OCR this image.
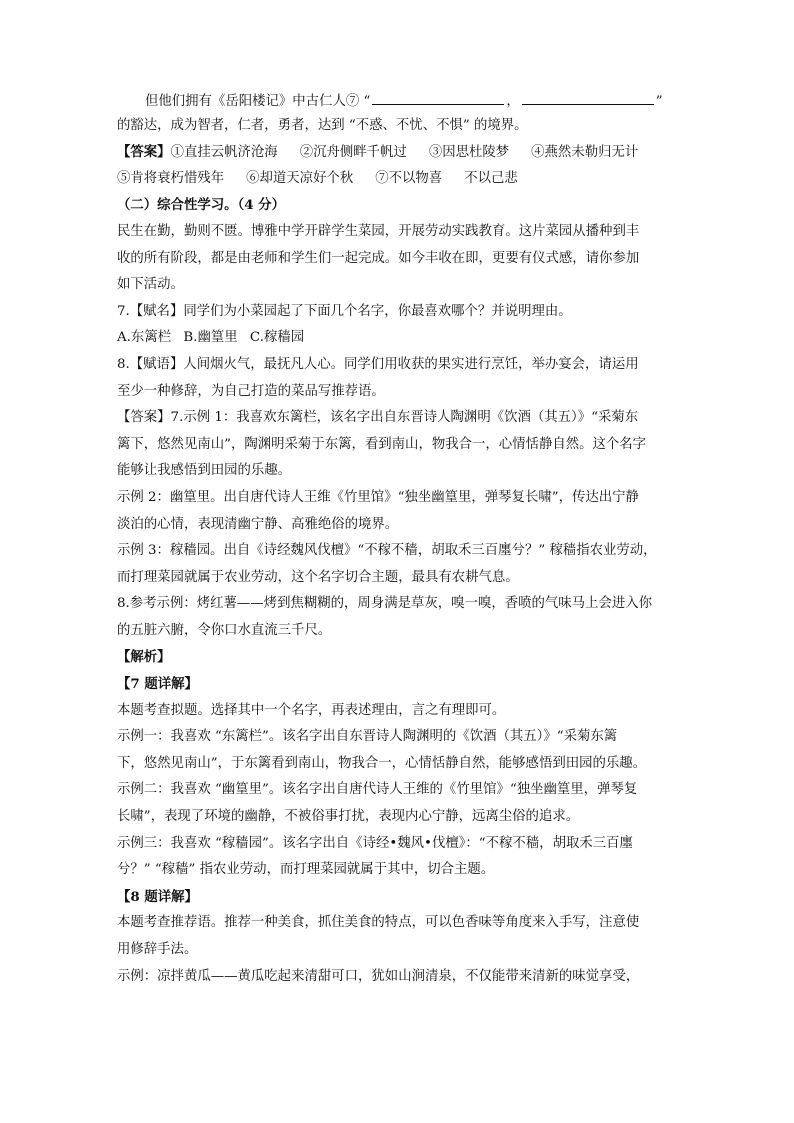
但他们拥有《岳阳楼记》中古仁人⑦ “	，	”
的豁达，成为智者，仁者，勇者，达到 “不惑、不忧、不惧” 的境界。
【答案】①直挂云帆济沧海 ②沉舟侧畔千帆过 ③因思杜陵梦 ④燕然未勒归无计
⑤肯将衰朽惜残年 ⑥却道天凉好个秋 ⑦不以物喜 不以己悲
（二）综合性学习。（4 分）
民生在勤，勤则不匮。博雅中学开辟学生菜园，开展劳动实践教育。这片菜园从播种到丰
收的所有阶段，都是由老师和学生们一起完成。如今丰收在即，更要有仪式感，请你参加
如下活动。
7.【赋名】同学们为小菜园起了下面几个名字，你最喜欢哪个？并说明理由。
A.东篱栏 B.幽篁里 C.稼穑园
8.【赋语】人间烟火气，最抚凡人心。同学们用收获的果实进行烹饪，举办宴会，请运用
至少一种修辞，为自己打造的菜品写推荐语。
【答案】7.示例 1：我喜欢东篱栏，该名字出自东晋诗人陶渊明《饮酒（其五）》“采菊东
篱下，悠然见南山”，陶渊明采菊于东篱，看到南山，物我合一，心情恬静自然。这个名字
能够让我感悟到田园的乐趣。
示例 2：幽篁里。出自唐代诗人王维《竹里馆》“独坐幽篁里，弹琴复长啸”，传达出宁静
淡泊的心情，表现清幽宁静、高雅绝俗的境界。
示例 3：稼穑园。出自《诗经魏风伐檀》“不稼不穑，胡取禾三百廛兮？” 稼穑指农业劳动，
而打理菜园就属于农业劳动，这个名字切合主题，最具有农耕气息。
8.参考示例：烤红薯——烤到焦糊糊的，周身满是草灰，嗅一嗅，香喷的气味马上会进入你
的五脏六腑，令你口水直流三千尺。
【解析】
【7 题详解】
本题考查拟题。选择其中一个名字，再表述理由，言之有理即可。
示例一：我喜欢 “东篱栏”。该名字出自东晋诗人陶渊明的《饮酒（其五）》“采菊东篱
下，悠然见南山”，于东篱看到南山，物我合一，心情恬静自然，能够感悟到田园的乐趣。
示例二：我喜欢 “幽篁里”。该名字出自唐代诗人王维的《竹里馆》“独坐幽篁里，弹琴复
长啸”，表现了环境的幽静，不被俗事打扰，表现内心宁静，远离尘俗的追求。
示例三：我喜欢 “稼穑园”。该名字出自《诗经•魏风•伐檀》：“不稼不穑，胡取禾三百廛
兮？” “稼穑” 指农业劳动，而打理菜园就属于其中，切合主题。
【8 题详解】
本题考查推荐语。推荐一种美食，抓住美食的特点，可以色香味等角度来入手写，注意使
用修辞手法。
示例：凉拌黄瓜——黄瓜吃起来清甜可口，犹如山涧清泉，不仅能带来清新的味觉享受，
